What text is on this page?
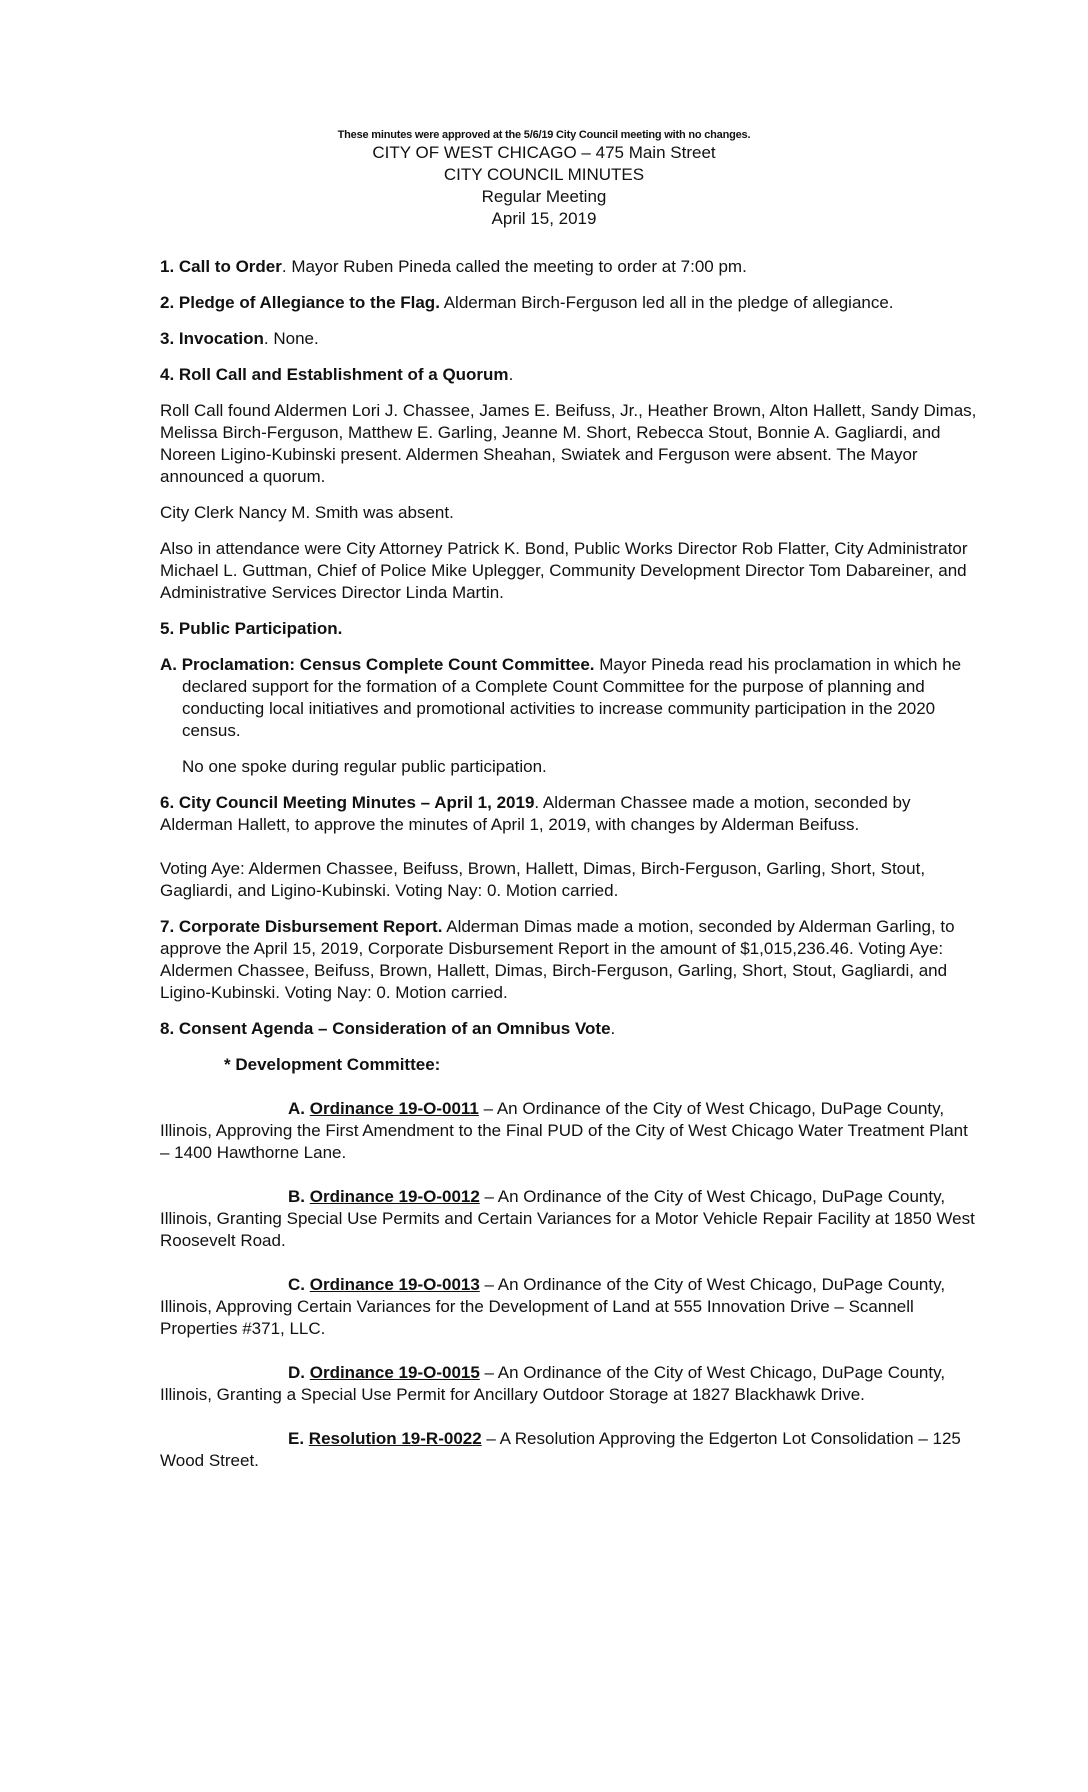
These minutes were approved at the 5/6/19 City Council meeting with no changes.
CITY OF WEST CHICAGO – 475 Main Street
CITY COUNCIL MINUTES
Regular Meeting
April 15, 2019

1. Call to Order. Mayor Ruben Pineda called the meeting to order at 7:00 pm.

2. Pledge of Allegiance to the Flag. Alderman Birch-Ferguson led all in the pledge of allegiance.

3. Invocation. None.

4. Roll Call and Establishment of a Quorum.

Roll Call found Aldermen Lori J. Chassee, James E. Beifuss, Jr., Heather Brown, Alton Hallett, Sandy Dimas, Melissa Birch-Ferguson, Matthew E. Garling, Jeanne M. Short, Rebecca Stout, Bonnie A. Gagliardi, and Noreen Ligino-Kubinski present. Aldermen Sheahan, Swiatek and Ferguson were absent. The Mayor announced a quorum.

City Clerk Nancy M. Smith was absent.

Also in attendance were City Attorney Patrick K. Bond, Public Works Director Rob Flatter, City Administrator Michael L. Guttman, Chief of Police Mike Uplegger, Community Development Director Tom Dabareiner, and Administrative Services Director Linda Martin.

5. Public Participation.

A. Proclamation: Census Complete Count Committee. Mayor Pineda read his proclamation in which he declared support for the formation of a Complete Count Committee for the purpose of planning and conducting local initiatives and promotional activities to increase community participation in the 2020 census.

No one spoke during regular public participation.

6. City Council Meeting Minutes – April 1, 2019. Alderman Chassee made a motion, seconded by Alderman Hallett, to approve the minutes of April 1, 2019, with changes by Alderman Beifuss.

Voting Aye: Aldermen Chassee, Beifuss, Brown, Hallett, Dimas, Birch-Ferguson, Garling, Short, Stout, Gagliardi, and Ligino-Kubinski. Voting Nay: 0. Motion carried.

7. Corporate Disbursement Report. Alderman Dimas made a motion, seconded by Alderman Garling, to approve the April 15, 2019, Corporate Disbursement Report in the amount of $1,015,236.46. Voting Aye: Aldermen Chassee, Beifuss, Brown, Hallett, Dimas, Birch-Ferguson, Garling, Short, Stout, Gagliardi, and Ligino-Kubinski. Voting Nay: 0. Motion carried.

8. Consent Agenda – Consideration of an Omnibus Vote.

* Development Committee:

A. Ordinance 19-O-0011 – An Ordinance of the City of West Chicago, DuPage County, Illinois, Approving the First Amendment to the Final PUD of the City of West Chicago Water Treatment Plant – 1400 Hawthorne Lane.

B. Ordinance 19-O-0012 – An Ordinance of the City of West Chicago, DuPage County, Illinois, Granting Special Use Permits and Certain Variances for a Motor Vehicle Repair Facility at 1850 West Roosevelt Road.

C. Ordinance 19-O-0013 – An Ordinance of the City of West Chicago, DuPage County, Illinois, Approving Certain Variances for the Development of Land at 555 Innovation Drive – Scannell Properties #371, LLC.

D. Ordinance 19-O-0015 – An Ordinance of the City of West Chicago, DuPage County, Illinois, Granting a Special Use Permit for Ancillary Outdoor Storage at 1827 Blackhawk Drive.

E. Resolution 19-R-0022 – A Resolution Approving the Edgerton Lot Consolidation – 125 Wood Street.
